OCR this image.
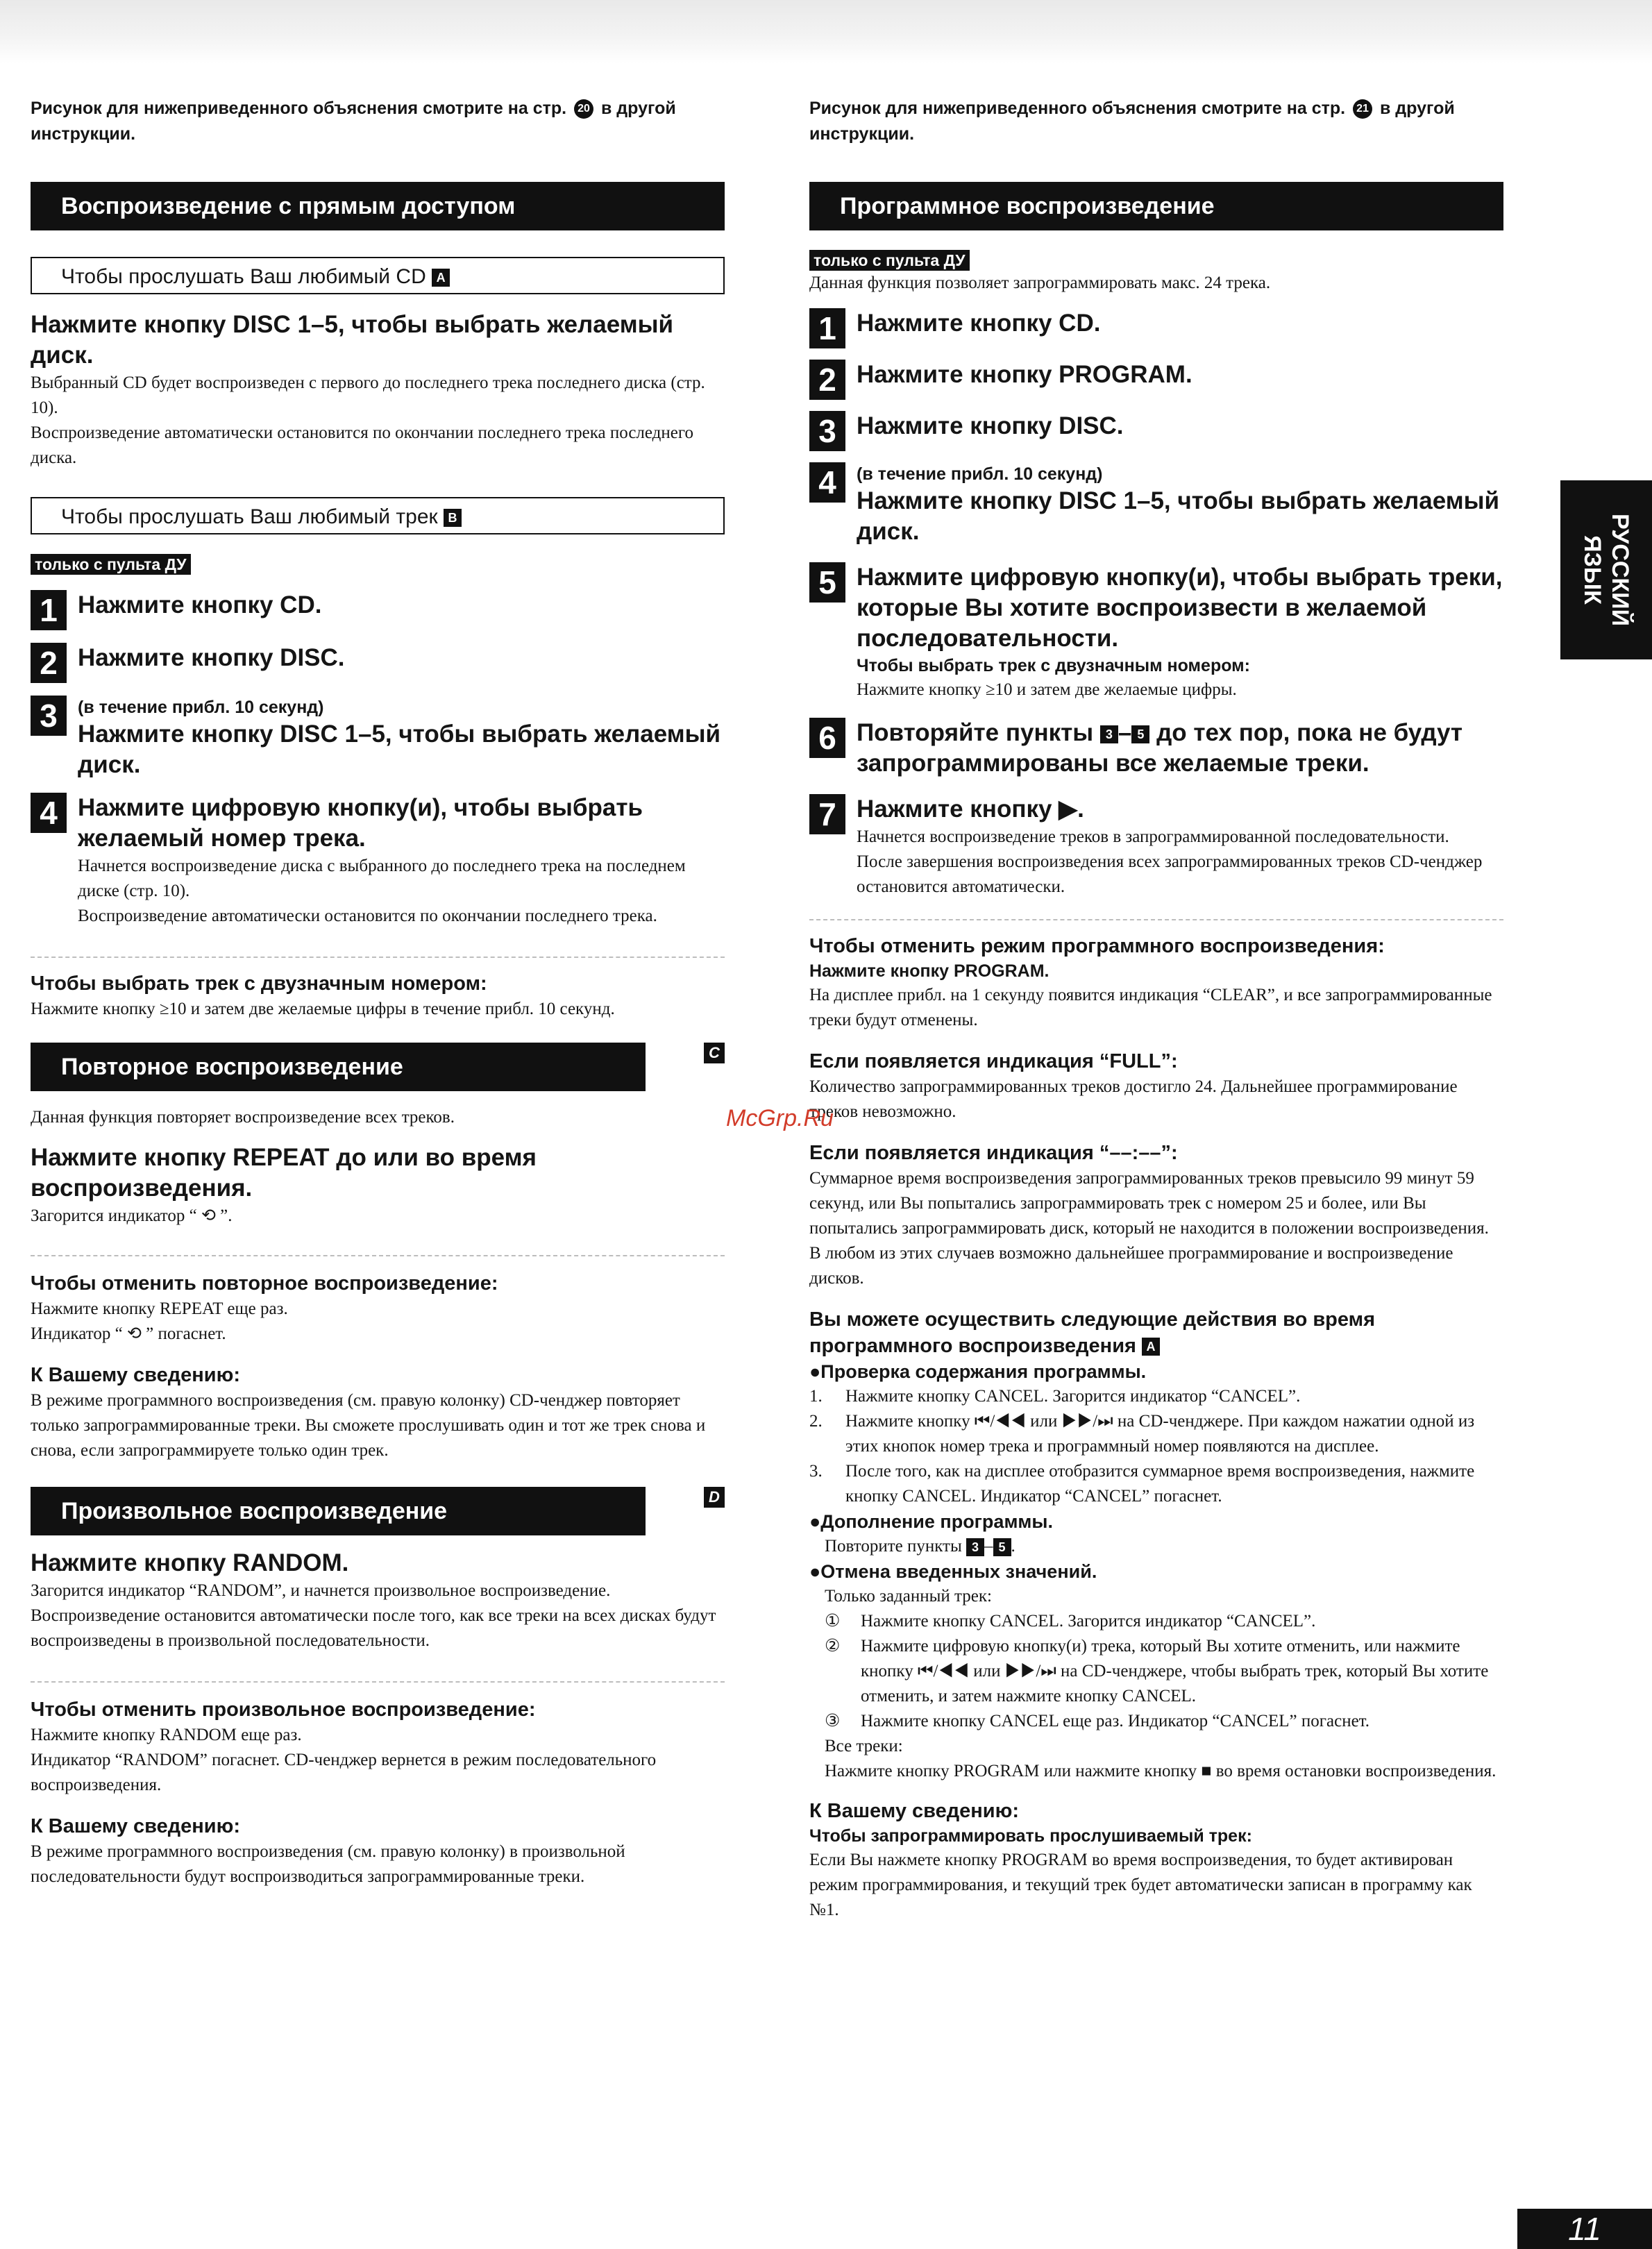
Рисунок для нижеприведенного объяснения смотрите на стр. 20 в другой инструкции.
Воспроизведение с прямым доступом
Чтобы прослушать Ваш любимый CD A
Нажмите кнопку DISC 1–5, чтобы выбрать желаемый диск.
Выбранный CD будет воспроизведен с первого до последнего трека последнего диска (стр. 10).
Воспроизведение автоматически остановится по окончании последнего трека последнего диска.
Чтобы прослушать Ваш любимый трек B
только с пульта ДУ
1 Нажмите кнопку CD.
2 Нажмите кнопку DISC.
3	(в течение прибл. 10 секунд)
Нажмите кнопку DISC 1–5, чтобы выбрать желаемый диск.
4 Нажмите цифровую кнопку(и), чтобы выбрать желаемый номер трека.
Начнется воспроизведение диска с выбранного до последнего трека на последнем диске (стр. 10).
Воспроизведение автоматически остановится по окончании последнего трека.
Чтобы выбрать трек с двузначным номером:
Нажмите кнопку ≥10 и затем две желаемые цифры в течение прибл. 10 секунд.
Повторное воспроизведение
C
Данная функция повторяет воспроизведение всех треков.
Нажмите кнопку REPEAT до или во время воспроизведения.
Загорится индикатор “ ⟲ ”.
Чтобы отменить повторное воспроизведение:
Нажмите кнопку REPEAT еще раз.
Индикатор “ ⟲ ” погаснет.
К Вашему сведению:
В режиме программного воспроизведения (см. правую колонку) CD-ченджер повторяет только запрограммированные треки. Вы сможете прослушивать один и тот же трек снова и снова, если запрограммируете только один трек.
Произвольное воспроизведение
D
Нажмите кнопку RANDOM.
Загорится индикатор “RANDOM”, и начнется произвольное воспроизведение.
Воспроизведение остановится автоматически после того, как все треки на всех дисках будут воспроизведены в произвольной последовательности.
Чтобы отменить произвольное воспроизведение:
Нажмите кнопку RANDOM еще раз.
Индикатор “RANDOM” погаснет. CD-ченджер вернется в режим последовательного воспроизведения.
К Вашему сведению:
В режиме программного воспроизведения (см. правую колонку) в произвольной последовательности будут воспроизводиться запрограммированные треки.
Рисунок для нижеприведенного объяснения смотрите на стр. 21 в другой инструкции.
Программное воспроизведение
только с пульта ДУ
Данная функция позволяет запрограммировать макс. 24 трека.
1 Нажмите кнопку CD.
2 Нажмите кнопку PROGRAM.
3 Нажмите кнопку DISC.
4	(в течение прибл. 10 секунд)
Нажмите кнопку DISC 1–5, чтобы выбрать желаемый диск.
5 Нажмите цифровую кнопку(и), чтобы выбрать треки, которые Вы хотите воспроизвести в желаемой последовательности.
Чтобы выбрать трек с двузначным номером:
Нажмите кнопку ≥10 и затем две желаемые цифры.
6 Повторяйте пункты 3 – 5 до тех пор, пока не будут запрограммированы все желаемые треки.
7 Нажмите кнопку ▶.
Начнется воспроизведение треков в запрограммированной последовательности.
После завершения воспроизведения всех запрограммированных треков CD-ченджер остановится автоматически.
Чтобы отменить режим программного воспроизведения:
Нажмите кнопку PROGRAM.
На дисплее прибл. на 1 секунду появится индикация “CLEAR”, и все запрограммированные треки будут отменены.
Если появляется индикация “FULL”:
Количество запрограммированных треков достигло 24. Дальнейшее программирование треков невозможно.
Если появляется индикация “––:––”:
Суммарное время воспроизведения запрограммированных треков превысило 99 минут 59 секунд, или Вы попытались запрограммировать трек с номером 25 и более, или Вы попытались запрограммировать диск, который не находится в положении воспроизведения. В любом из этих случаев возможно дальнейшее программирование и воспроизведение дисков.
Вы можете осуществить следующие действия во время программного воспроизведения A
●Проверка содержания программы.
1.	Нажмите кнопку CANCEL. Загорится индикатор “CANCEL”.
2.	Нажмите кнопку ⏮/◀◀ или ▶▶/⏭ на CD-ченджере. При каждом нажатии одной из этих кнопок номер трека и программный номер появляются на дисплее.
3.	После того, как на дисплее отобразится суммарное время воспроизведения, нажмите кнопку CANCEL. Индикатор “CANCEL” погаснет.
●Дополнение программы.
Повторите пункты 3 – 5 .
●Отмена введенных значений.
Только заданный трек:
①	Нажмите кнопку CANCEL. Загорится индикатор “CANCEL”.
②	Нажмите цифровую кнопку(и) трека, который Вы хотите отменить, или нажмите кнопку ⏮/◀◀ или ▶▶/⏭ на CD-ченджере, чтобы выбрать трек, который Вы хотите отменить, и затем нажмите кнопку CANCEL.
③	Нажмите кнопку CANCEL еще раз. Индикатор “CANCEL” погаснет.
Все треки:
Нажмите кнопку PROGRAM или нажмите кнопку ■ во время остановки воспроизведения.
К Вашему сведению:
Чтобы запрограммировать прослушиваемый трек:
Если Вы нажмете кнопку PROGRAM во время воспроизведения, то будет активирован режим программирования, и текущий трек будет автоматически записан в программу как №1.
McGrp.Ru
РУССКИЙ ЯЗЫК
11
